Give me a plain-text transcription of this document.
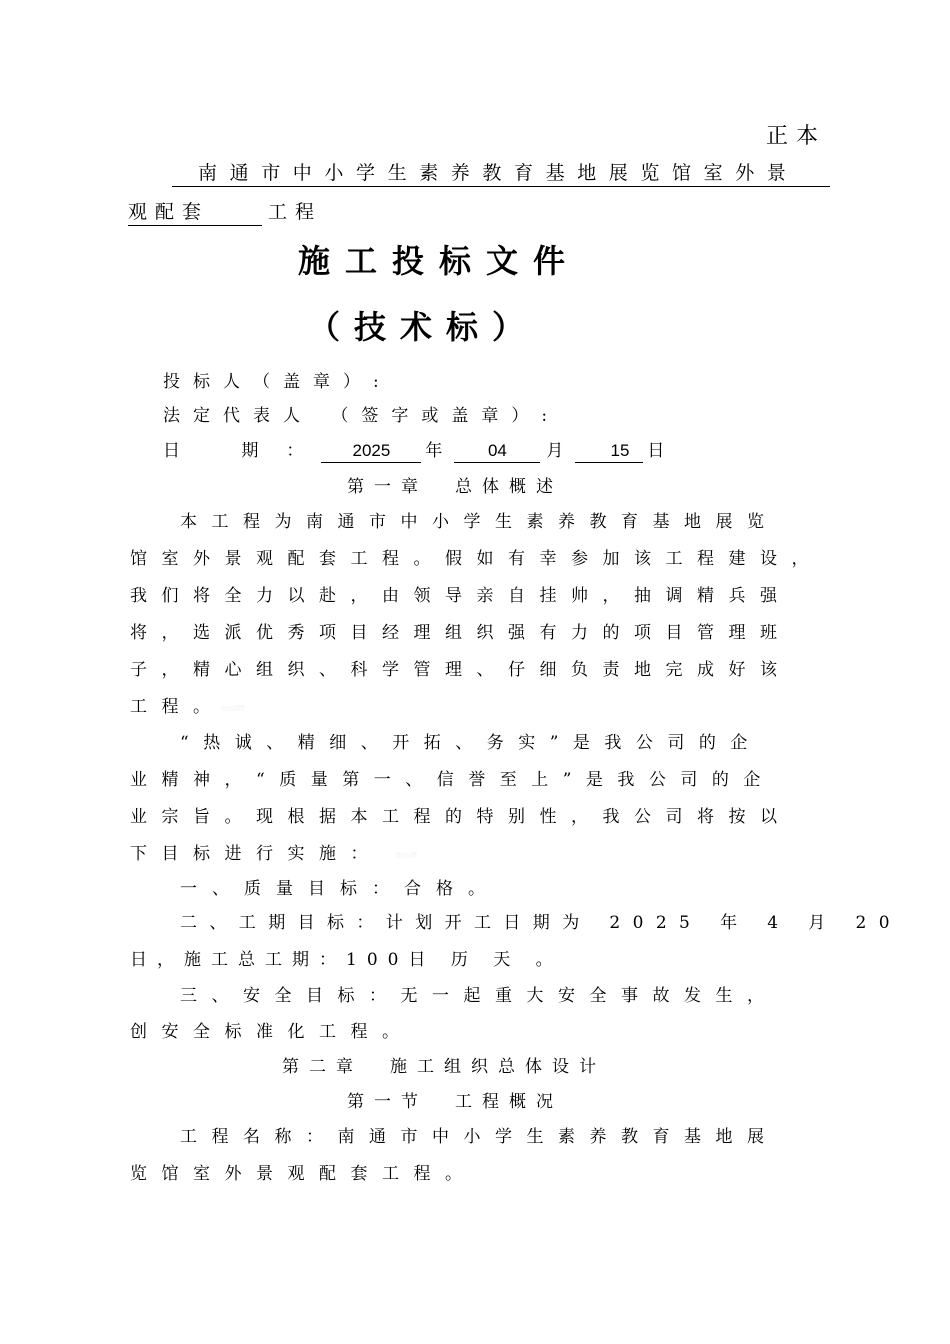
正本
南通市中小学生素养教育基地展览馆室外景
观配套	工程
施工投标文件
（技术标）
投标人（盖章）:
法定代表人 （签字或盖章）:
日 期： 2025 年	04 月	15 日
第一章　总体概述
本工程为南通市中小学生素养教育基地展览
馆室外景观配套工程。假如有幸参加该工程建设，
我们将全力以赴，由领导亲自挂帅，抽调精兵强
将，选派优秀项目经理组织强有力的项目管理班
子，精心组织、科学管理、仔细负责地完成好该
工程。
sssfffff
“热诚、精细、开拓、务实”是我公司的企
业精神，“质量第一、信誉至上”是我公司的企
业宗旨。现根据本工程的特别性，我公司将按以
下目标进行实施： ffsfsfff
一、质量目标：合格。
二、工期目标：计划开工日期为 2025 年 4 月 20
日，施工总工期：100日 历 天 。
三、安全目标：无一起重大安全事故发生，
创安全标准化工程。
第二章　施工组织总体设计
第一节　工程概况
工程名称：南通市中小学生素养教育基地展
览馆室外景观配套工程。
